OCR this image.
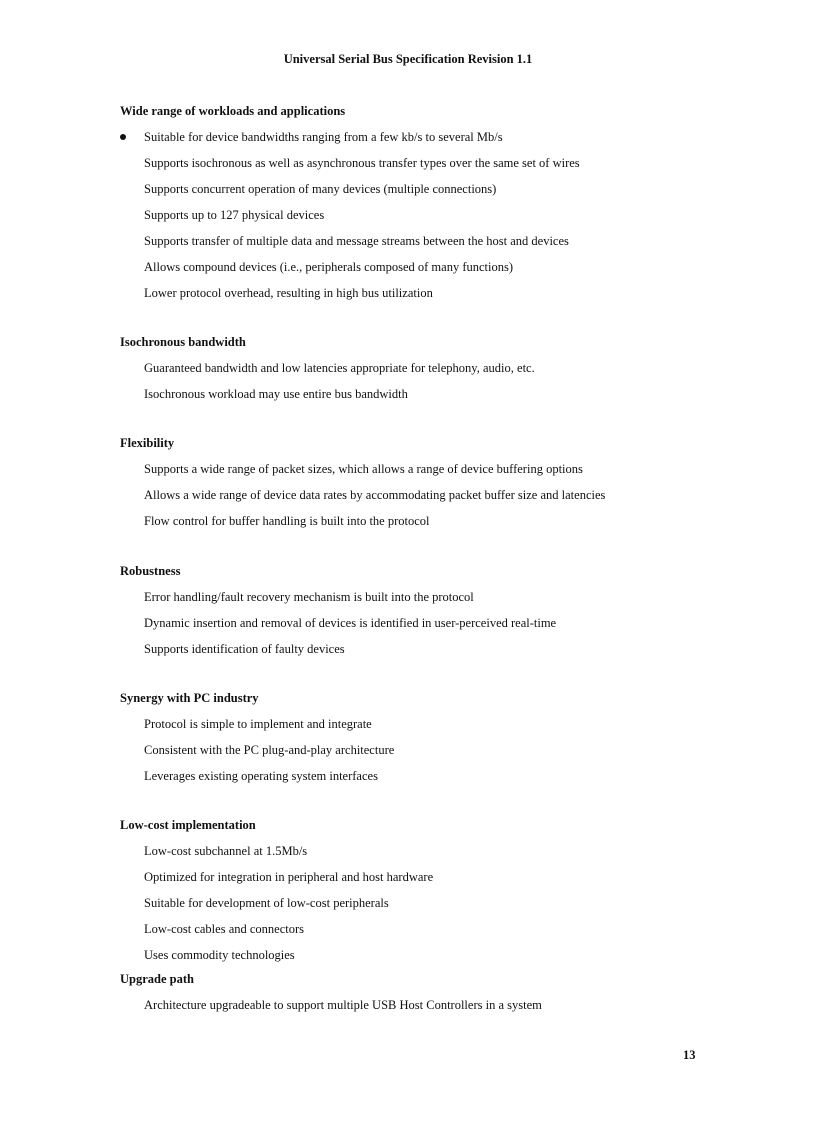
Universal Serial Bus Specification Revision 1.1
Wide range of workloads and applications
Suitable for device bandwidths ranging from a few kb/s to several Mb/s
Supports isochronous as well as asynchronous transfer types over the same set of wires
Supports concurrent operation of many devices (multiple connections)
Supports up to 127 physical devices
Supports transfer of multiple data and message streams between the host and devices
Allows compound devices (i.e., peripherals composed of many functions)
Lower protocol overhead, resulting in high bus utilization
Isochronous bandwidth
Guaranteed bandwidth and low latencies appropriate for telephony, audio, etc.
Isochronous workload may use entire bus bandwidth
Flexibility
Supports a wide range of packet sizes, which allows a range of device buffering options
Allows a wide range of device data rates by accommodating packet buffer size and latencies
Flow control for buffer handling is built into the protocol
Robustness
Error handling/fault recovery mechanism is built into the protocol
Dynamic insertion and removal of devices is identified in user-perceived real-time
Supports identification of faulty devices
Synergy with PC industry
Protocol is simple to implement and integrate
Consistent with the PC plug-and-play architecture
Leverages existing operating system interfaces
Low-cost implementation
Low-cost subchannel at 1.5Mb/s
Optimized for integration in peripheral and host hardware
Suitable for development of low-cost peripherals
Low-cost cables and connectors
Uses commodity technologies
Upgrade path
Architecture upgradeable to support multiple USB Host Controllers in a system
13
